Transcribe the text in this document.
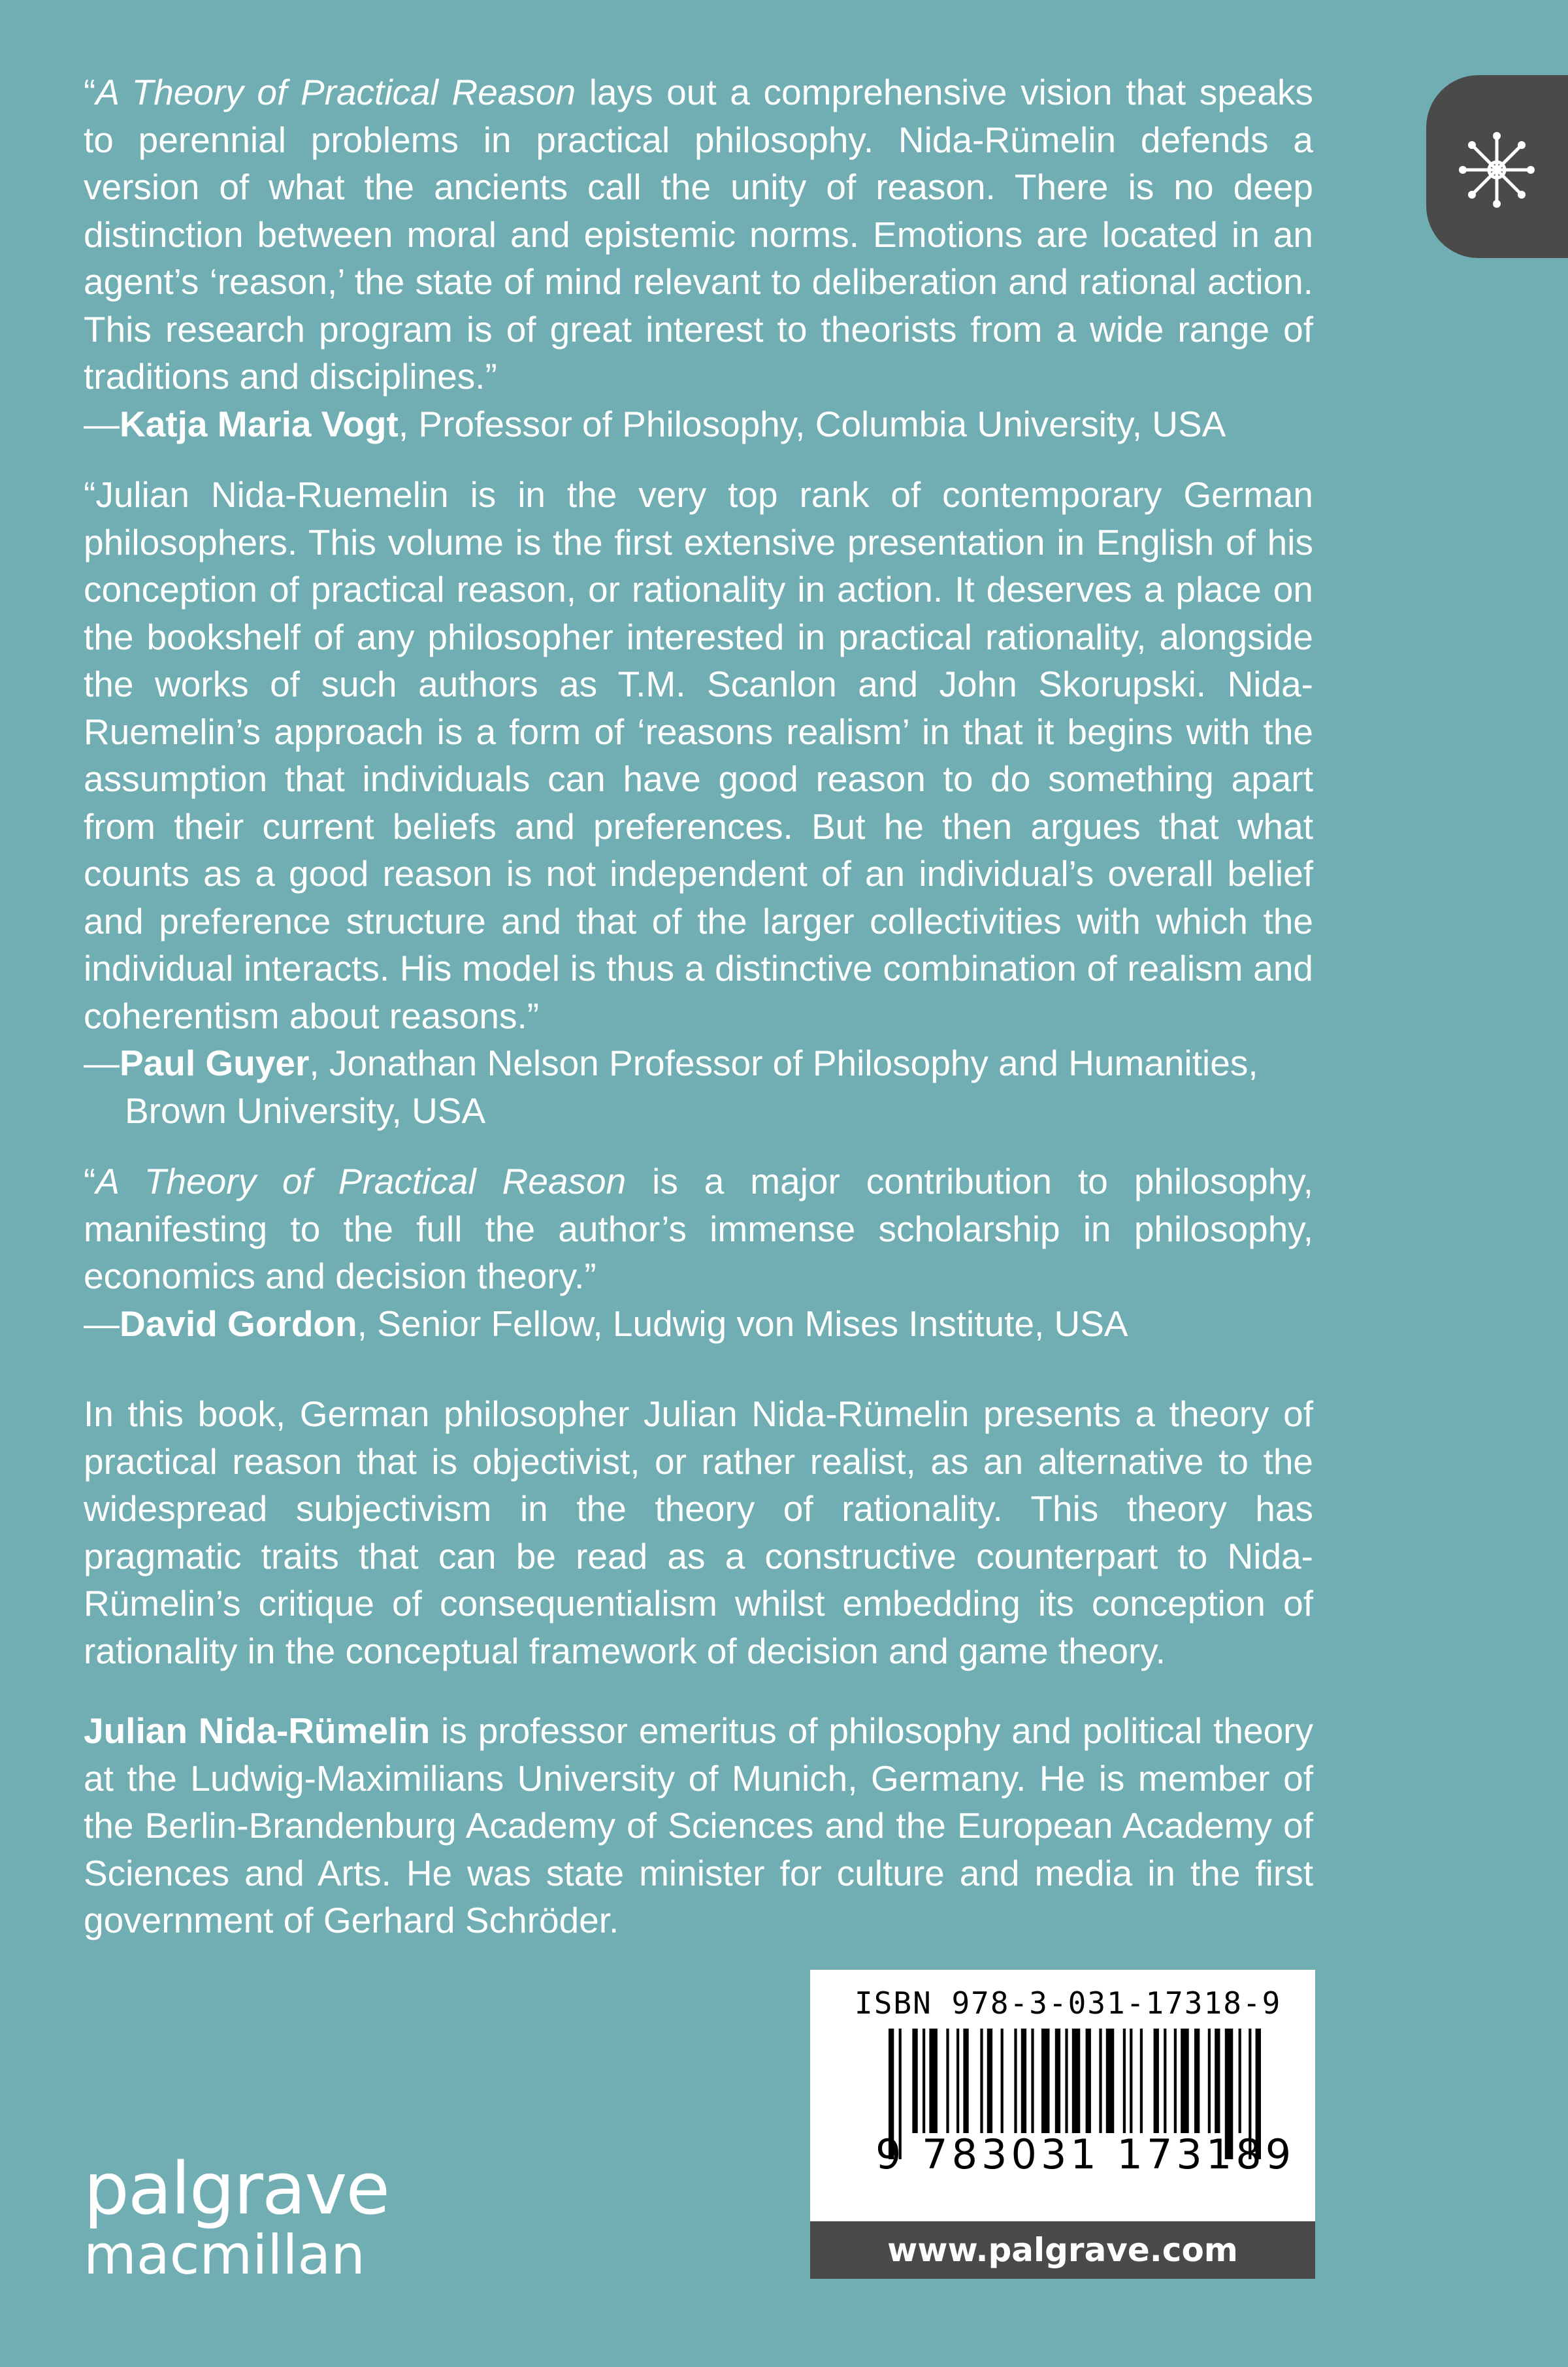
“A Theory of Practical Reason lays out a comprehensive vision that speaks to perennial problems in practical philosophy. Nida-Rümelin defends a version of what the ancients call the unity of reason. There is no deep distinction between moral and epistemic norms. Emotions are located in an agent’s ‘reason,’ the state of mind relevant to deliberation and rational action. This research program is of great interest to theorists from a wide range of traditions and disciplines.”
—Katja Maria Vogt, Professor of Philosophy, Columbia University, USA
“Julian Nida-Ruemelin is in the very top rank of contemporary German philosophers. This volume is the first extensive presentation in English of his conception of practical reason, or rationality in action. It deserves a place on the bookshelf of any philosopher interested in practical rationality, alongside the works of such authors as T.M. Scanlon and John Skorupski. Nida-Ruemelin’s approach is a form of ‘reasons realism’ in that it begins with the assumption that individuals can have good reason to do something apart from their current beliefs and preferences. But he then argues that what counts as a good reason is not independent of an individual’s overall belief and preference structure and that of the larger collectivities with which the individual interacts. His model is thus a distinctive combination of realism and coherentism about reasons.”
—Paul Guyer, Jonathan Nelson Professor of Philosophy and Humanities, Brown University, USA
“A Theory of Practical Reason is a major contribution to philosophy, manifesting to the full the author’s immense scholarship in philosophy, economics and decision theory.”
—David Gordon, Senior Fellow, Ludwig von Mises Institute, USA
In this book, German philosopher Julian Nida-Rümelin presents a theory of practical reason that is objectivist, or rather realist, as an alternative to the widespread subjectivism in the theory of rationality. This theory has pragmatic traits that can be read as a constructive counterpart to Nida-Rümelin’s critique of consequentialism whilst embedding its conception of rationality in the conceptual framework of decision and game theory.
Julian Nida-Rümelin is professor emeritus of philosophy and political theory at the Ludwig-Maximilians University of Munich, Germany. He is member of the Berlin-Brandenburg Academy of Sciences and the European Academy of Sciences and Arts. He was state minister for culture and media in the first government of Gerhard Schröder.
palgrave
macmillan
ISBN 978-3-031-17318-9
9 783031 173189
www.palgrave.com
